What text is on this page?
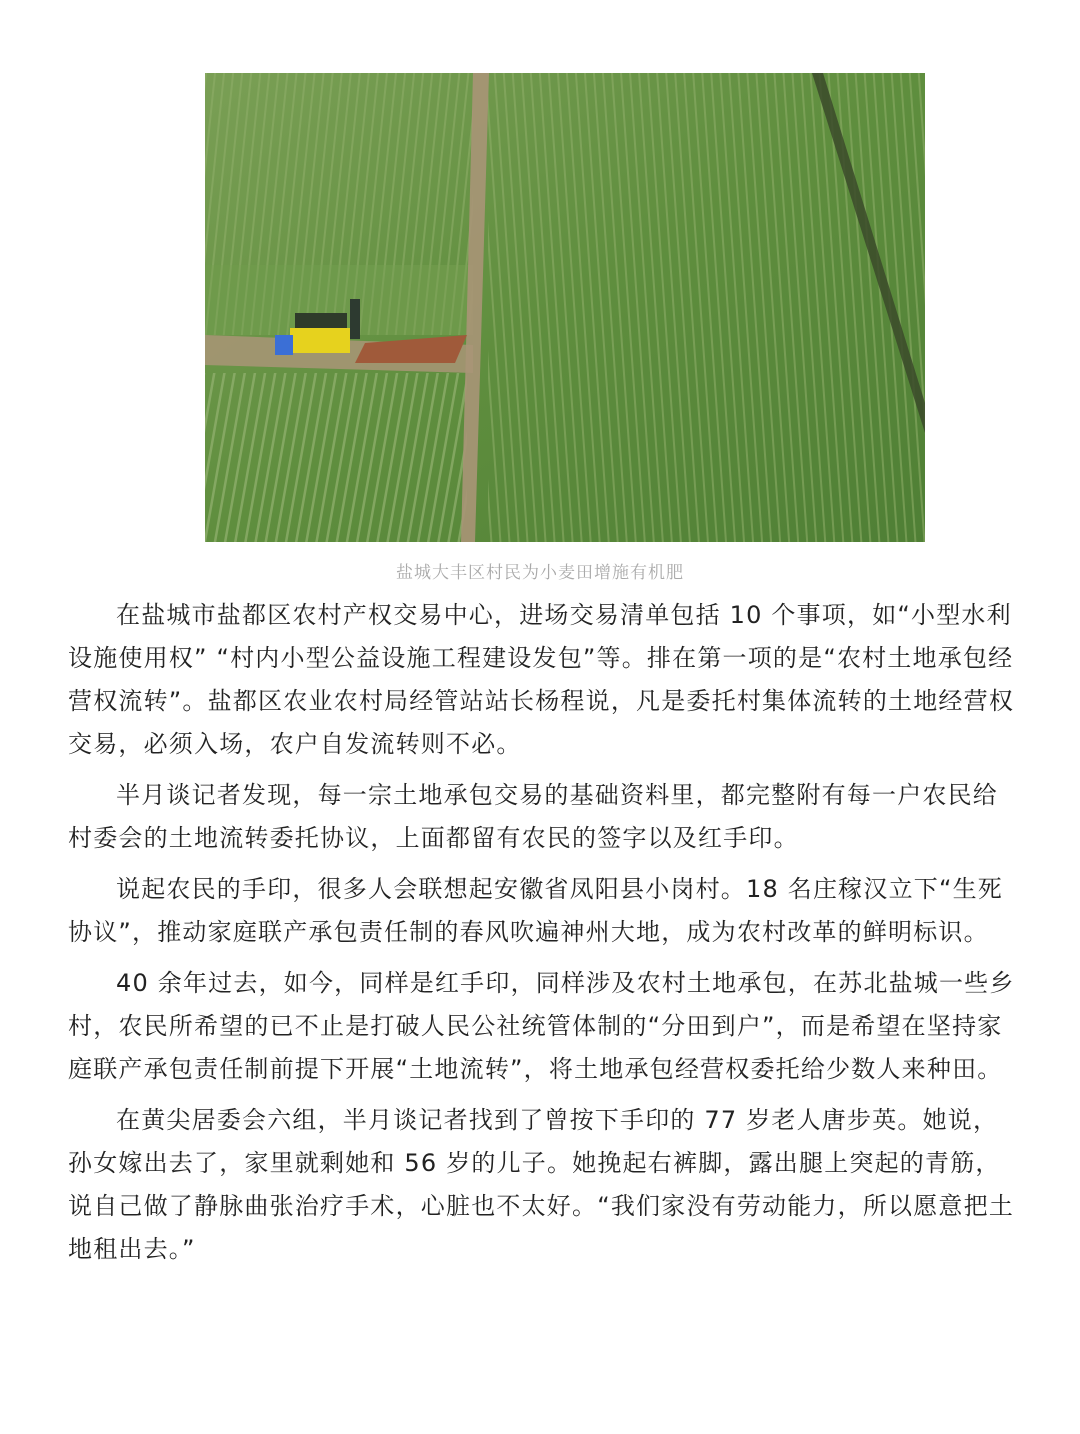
盐城大丰区村民为小麦田增施有机肥

在盐城市盐都区农村产权交易中心，进场交易清单包括 10 个事项，如“小型水利设施使用权” “村内小型公益设施工程建设发包”等。排在第一项的是“农村土地承包经营权流转”。盐都区农业农村局经管站站长杨程说，凡是委托村集体流转的土地经营权交易，必须入场，农户自发流转则不必。

半月谈记者发现，每一宗土地承包交易的基础资料里，都完整附有每一户农民给村委会的土地流转委托协议，上面都留有农民的签字以及红手印。

说起农民的手印，很多人会联想起安徽省凤阳县小岗村。18 名庄稼汉立下“生死协议”，推动家庭联产承包责任制的春风吹遍神州大地，成为农村改革的鲜明标识。

40 余年过去，如今，同样是红手印，同样涉及农村土地承包，在苏北盐城一些乡村，农民所希望的已不止是打破人民公社统管体制的“分田到户”，而是希望在坚持家庭联产承包责任制前提下开展“土地流转”，将土地承包经营权委托给少数人来种田。

在黄尖居委会六组，半月谈记者找到了曾按下手印的 77 岁老人唐步英。她说，孙女嫁出去了，家里就剩她和 56 岁的儿子。她挽起右裤脚，露出腿上突起的青筋，说自己做了静脉曲张治疗手术，心脏也不太好。“我们家没有劳动能力，所以愿意把土地租出去。”
